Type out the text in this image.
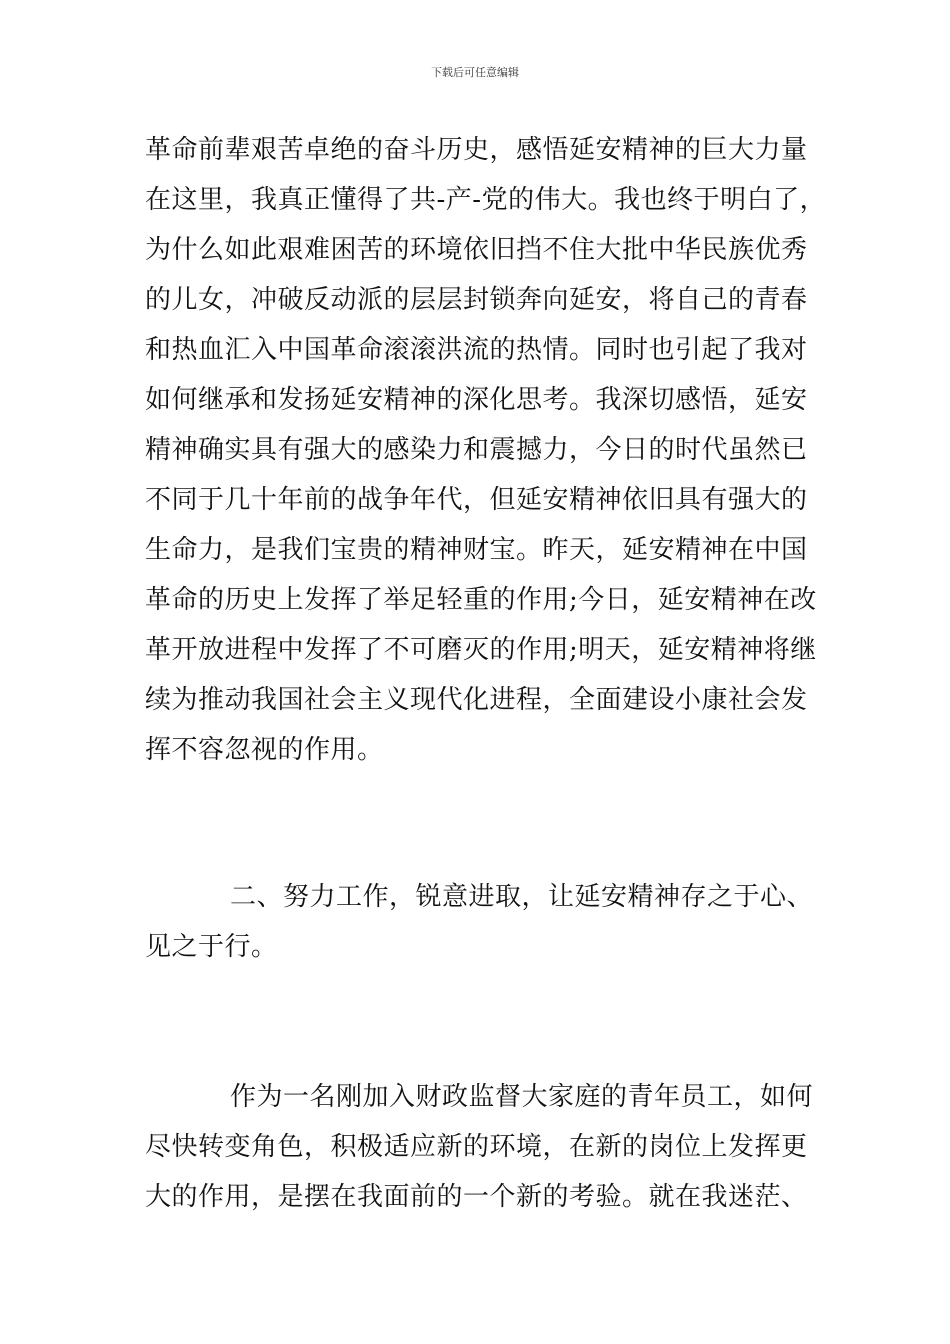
下载后可任意编辑
革命前辈艰苦卓绝的奋斗历史，感悟延安精神的巨大力量
在这里，我真正懂得了共-产-党的伟大。我也终于明白了，
为什么如此艰难困苦的环境依旧挡不住大批中华民族优秀
的儿女，冲破反动派的层层封锁奔向延安，将自己的青春
和热血汇入中国革命滚滚洪流的热情。同时也引起了我对
如何继承和发扬延安精神的深化思考。我深切感悟，延安
精神确实具有强大的感染力和震撼力，今日的时代虽然已
不同于几十年前的战争年代，但延安精神依旧具有强大的
生命力，是我们宝贵的精神财宝。昨天，延安精神在中国
革命的历史上发挥了举足轻重的作用;今日，延安精神在改
革开放进程中发挥了不可磨灭的作用;明天，延安精神将继
续为推动我国社会主义现代化进程，全面建设小康社会发
挥不容忽视的作用。
二、努力工作，锐意进取，让延安精神存之于心、
见之于行。
作为一名刚加入财政监督大家庭的青年员工，如何
尽快转变角色，积极适应新的环境，在新的岗位上发挥更
大的作用，是摆在我面前的一个新的考验。就在我迷茫、
